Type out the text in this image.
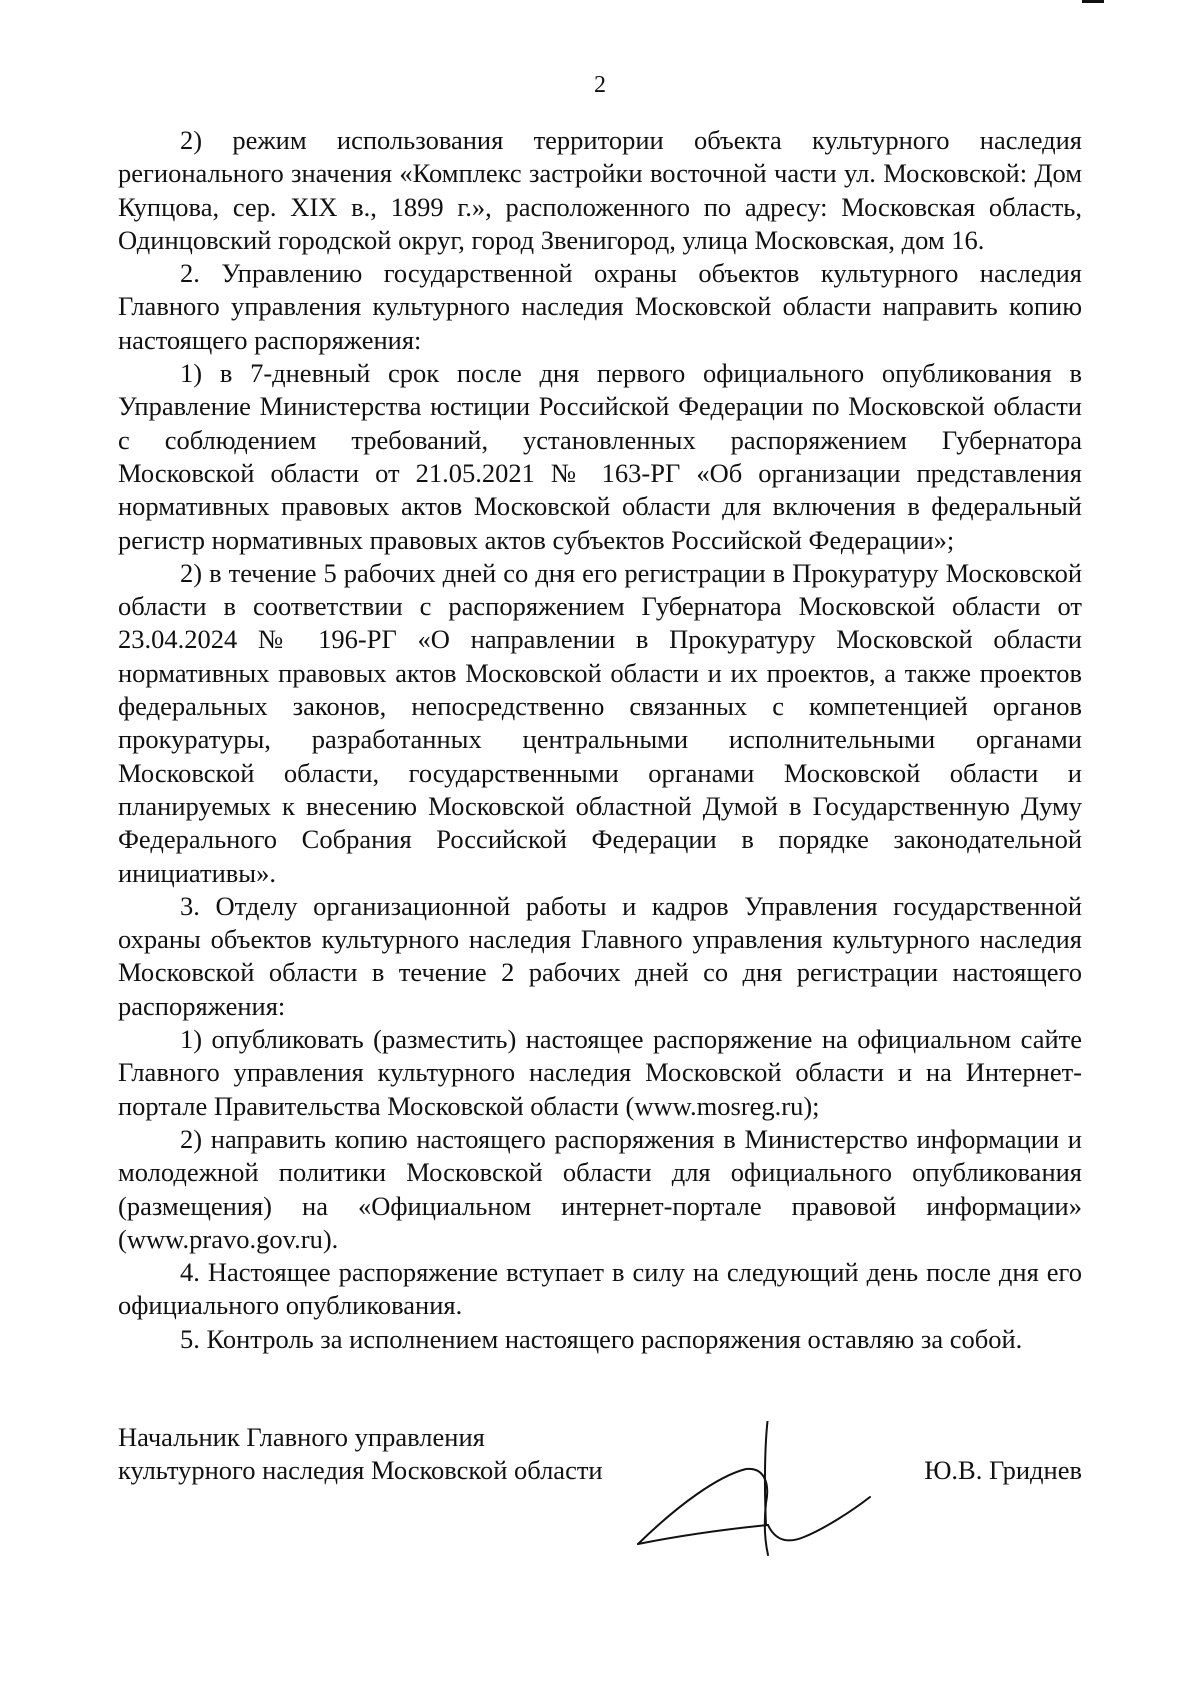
2

2) режим использования территории объекта культурного наследия регионального значения «Комплекс застройки восточной части ул. Московской: Дом Купцова, сер. XIX в., 1899 г.», расположенного по адресу: Московская область, Одинцовский городской округ, город Звенигород, улица Московская, дом 16.

2. Управлению государственной охраны объектов культурного наследия Главного управления культурного наследия Московской области направить копию настоящего распоряжения:

1) в 7-дневный срок после дня первого официального опубликования в Управление Министерства юстиции Российской Федерации по Московской области с соблюдением требований, установленных распоряжением Губернатора Московской области от 21.05.2021 № 163-РГ «Об организации представления нормативных правовых актов Московской области для включения в федеральный регистр нормативных правовых актов субъектов Российской Федерации»;

2) в течение 5 рабочих дней со дня его регистрации в Прокуратуру Московской области в соответствии с распоряжением Губернатора Московской области от 23.04.2024 № 196-РГ «О направлении в Прокуратуру Московской области нормативных правовых актов Московской области и их проектов, а также проектов федеральных законов, непосредственно связанных с компетенцией органов прокуратуры, разработанных центральными исполнительными органами Московской области, государственными органами Московской области и планируемых к внесению Московской областной Думой в Государственную Думу Федерального Собрания Российской Федерации в порядке законодательной инициативы».

3. Отделу организационной работы и кадров Управления государственной охраны объектов культурного наследия Главного управления культурного наследия Московской области в течение 2 рабочих дней со дня регистрации настоящего распоряжения:

1) опубликовать (разместить) настоящее распоряжение на официальном сайте Главного управления культурного наследия Московской области и на Интернет-портале Правительства Московской области (www.mosreg.ru);

2) направить копию настоящего распоряжения в Министерство информации и молодежной политики Московской области для официального опубликования (размещения) на «Официальном интернет-портале правовой информации» (www.pravo.gov.ru).

4. Настоящее распоряжение вступает в силу на следующий день после дня его официального опубликования.

5. Контроль за исполнением настоящего распоряжения оставляю за собой.

Начальник Главного управления
культурного наследия Московской области	Ю.В. Гриднев
